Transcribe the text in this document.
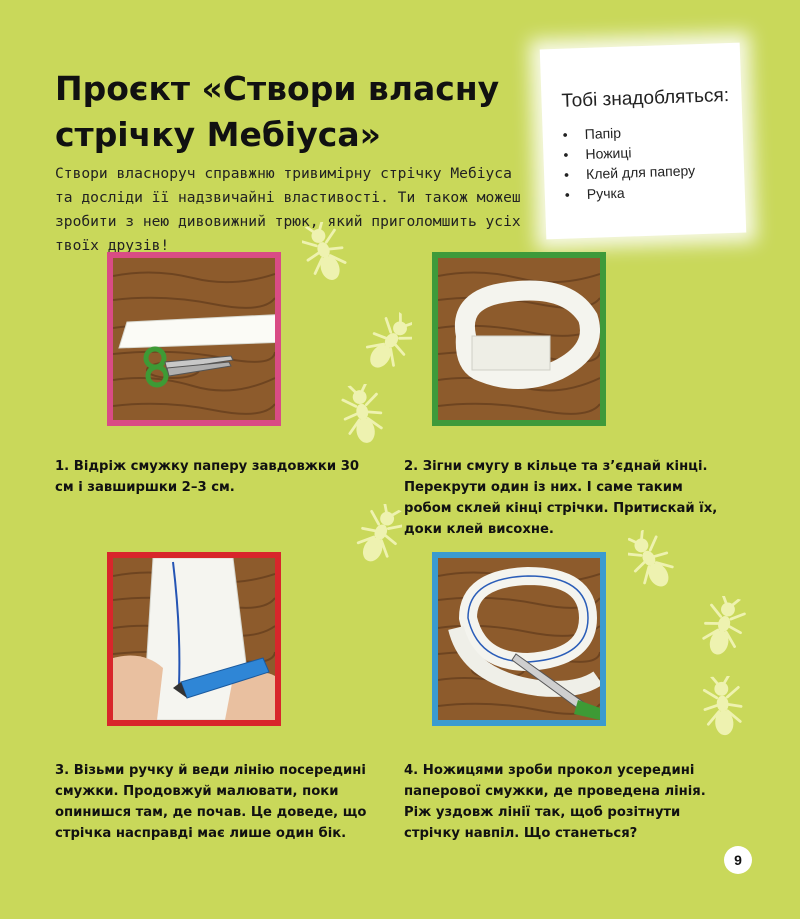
Проєкт «Створи власну стрічку Мебіуса»

Створи власноруч справжню тривимірну стрічку Мебіуса та досліди її надзвичайні властивості. Ти також можеш зробити з нею дивовижний трюк, який приголомшить усіх твоїх друзів!

Тобі знадобляться:
• Папір
• Ножиці
• Клей для паперу
• Ручка

1. Відріж смужку паперу завдовжки 30 см і завширшки 2–3 см.

2. Зігни смугу в кільце та з’єднай кінці. Перекрути один із них. І саме таким робом склей кінці стрічки. Притискай їх, доки клей висохне.

3. Візьми ручку й веди лінію посередині смужки. Продовжуй малювати, поки опинишся там, де почав. Це доведе, що стрічка насправді має лише один бік.

4. Ножицями зроби прокол усередині паперової смужки, де проведена лінія. Ріж уздовж лінії так, щоб розітнути стрічку навпіл. Що станеться?

9
